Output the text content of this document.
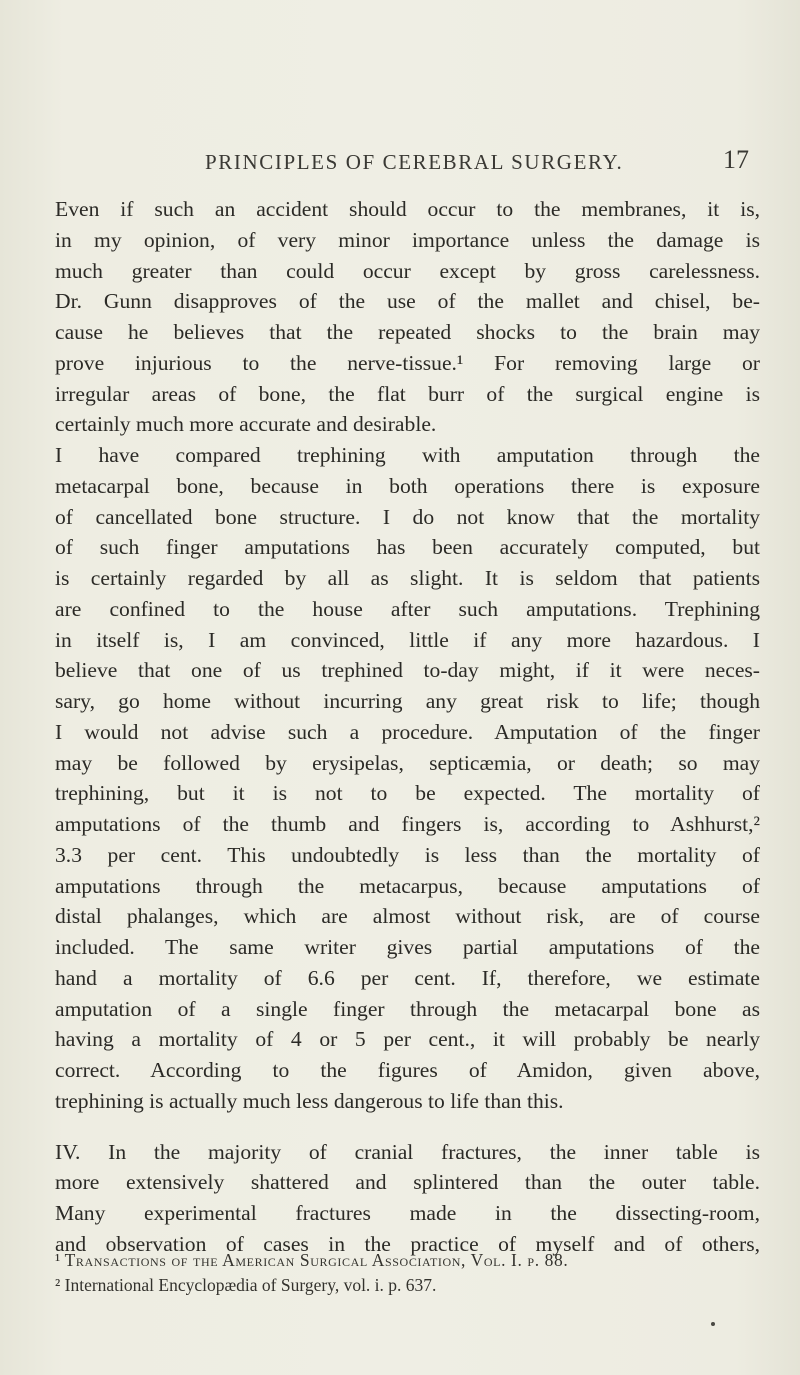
PRINCIPLES OF CEREBRAL SURGERY.	17
Even if such an accident should occur to the membranes, it is,
in my opinion, of very minor importance unless the damage is
much greater than could occur except by gross carelessness.
Dr. Gunn disapproves of the use of the mallet and chisel, be-
cause he believes that the repeated shocks to the brain may
prove injurious to the nerve-tissue.¹ For removing large or
irregular areas of bone, the flat burr of the surgical engine is
certainly much more accurate and desirable.
I have compared trephining with amputation through the
metacarpal bone, because in both operations there is exposure
of cancellated bone structure. I do not know that the mortality
of such finger amputations has been accurately computed, but
is certainly regarded by all as slight. It is seldom that patients
are confined to the house after such amputations. Trephining
in itself is, I am convinced, little if any more hazardous. I
believe that one of us trephined to-day might, if it were neces-
sary, go home without incurring any great risk to life; though
I would not advise such a procedure. Amputation of the finger
may be followed by erysipelas, septicæmia, or death; so may
trephining, but it is not to be expected. The mortality of
amputations of the thumb and fingers is, according to Ashhurst,²
3.3 per cent. This undoubtedly is less than the mortality of
amputations through the metacarpus, because amputations of
distal phalanges, which are almost without risk, are of course
included. The same writer gives partial amputations of the
hand a mortality of 6.6 per cent. If, therefore, we estimate
amputation of a single finger through the metacarpal bone as
having a mortality of 4 or 5 per cent., it will probably be nearly
correct. According to the figures of Amidon, given above,
trephining is actually much less dangerous to life than this.
IV. In the majority of cranial fractures, the inner table is
more extensively shattered and splintered than the outer table.
Many experimental fractures made in the dissecting-room,
and observation of cases in the practice of myself and of others,
¹ Transactions of the American Surgical Association, Vol. I. p. 88.
² International Encyclopædia of Surgery, vol. i. p. 637.
